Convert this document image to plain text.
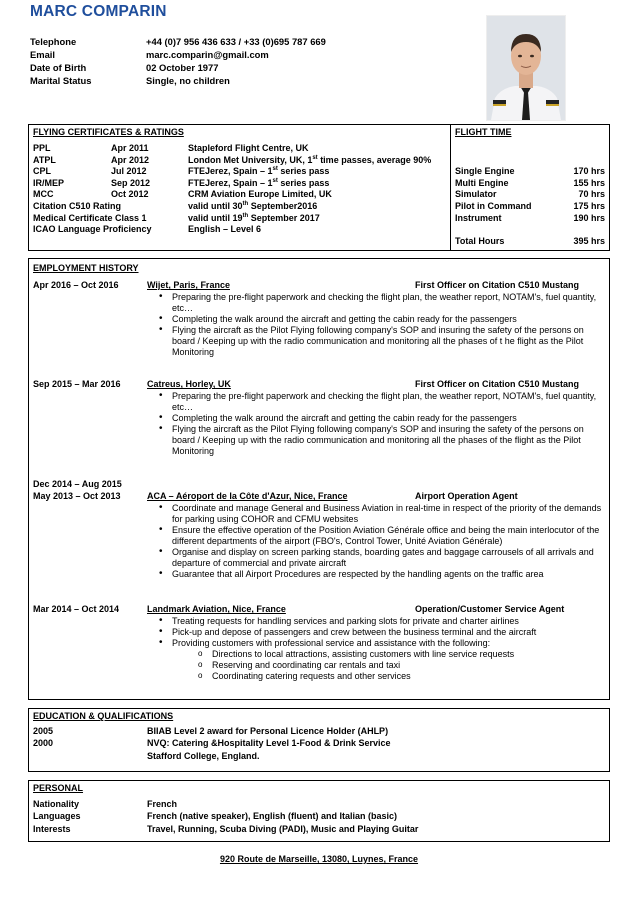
MARC COMPARIN
Telephone	+44 (0)7 956 436 633 / +33 (0)695 787 669
Email	marc.comparin@gmail.com
Date of Birth	02 October 1977
Marital Status	Single, no children
FLYING CERTIFICATES & RATINGS
PPL	Apr 2011	Stapleford Flight Centre, UK
ATPL	Apr 2012	London Met University, UK, 1st time passes, average 90%
CPL	Jul 2012	FTEJerez, Spain – 1st series pass
IR/MEP	Sep 2012	FTEJerez, Spain – 1st series pass
MCC	Oct 2012	CRM Aviation Europe Limited, UK
Citation C510 Rating	valid until 30th September2016
Medical Certificate Class 1	valid until 19th September 2017
ICAO Language Proficiency	English – Level 6
FLIGHT TIME
Single Engine	170 hrs
Multi Engine	155 hrs
Simulator	70 hrs
Pilot in Command	175 hrs
Instrument	190 hrs
Total Hours	395 hrs
EMPLOYMENT HISTORY
Apr 2016 – Oct 2016	Wijet, Paris, France	First Officer on Citation C510 Mustang
• Preparing the pre-flight paperwork and checking the flight plan, the weather report, NOTAM's, fuel quantity, etc…
• Completing the walk around the aircraft and getting the cabin ready for the passengers
• Flying the aircraft as the Pilot Flying following company's SOP and insuring the safety of the persons on board / Keeping up with the radio communication and monitoring all the phases of t he flight as the Pilot Monitoring
Sep 2015 – Mar 2016	Catreus, Horley, UK	First Officer on Citation C510 Mustang
• Preparing the pre-flight paperwork and checking the flight plan, the weather report, NOTAM's, fuel quantity, etc…
• Completing the walk around the aircraft and getting the cabin ready for the passengers
• Flying the aircraft as the Pilot Flying following company's SOP and insuring the safety of the persons on board / Keeping up with the radio communication and monitoring all the phases of the flight as the Pilot Monitoring
Dec 2014 – Aug 2015
May 2013 – Oct 2013	ACA – Aéroport de la Côte d'Azur, Nice, France	Airport Operation Agent
• Coordinate and manage General and Business Aviation in real-time in respect of the priority of the demands for parking using COHOR and CFMU websites
• Ensure the effective operation of the Position Aviation Générale office and being the main interlocutor of the different departments of the airport (FBO's, Control Tower, Unité Aviation Générale)
• Organise and display on screen parking stands, boarding gates and baggage carrousels of all arrivals and departure of commercial and private aircraft
• Guarantee that all Airport Procedures are respected by the handling agents on the traffic area
Mar 2014 – Oct 2014	Landmark Aviation, Nice, France	Operation/Customer Service Agent
• Treating requests for handling services and parking slots for private and charter airlines
• Pick-up and depose of passengers and crew between the business terminal and the aircraft
• Providing customers with professional service and assistance with the following:
o Directions to local attractions, assisting customers with line service requests
o Reserving and coordinating car rentals and taxi
o Coordinating catering requests and other services
EDUCATION & QUALIFICATIONS
2005	BIIAB Level 2 award for Personal Licence Holder (AHLP)
2000	NVQ: Catering &Hospitality Level 1-Food & Drink Service
Stafford College, England.
PERSONAL
Nationality	French
Languages	French (native speaker), English (fluent) and Italian (basic)
Interests	Travel, Running, Scuba Diving (PADI), Music and Playing Guitar
920 Route de Marseille, 13080, Luynes, France
